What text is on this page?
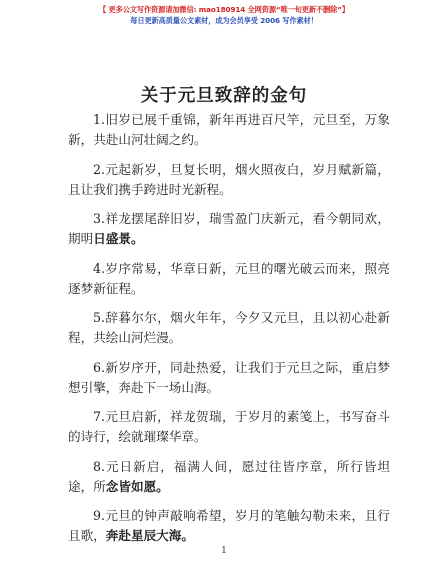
【 更多公文写作资源请加微信: mao180914 全网资源“唯一旬更新不删除”】
每日更新高质量公文素材，成为会员享受 2006 写作素材！
关于元旦致辞的金句

1.旧岁已展千重锦，新年再进百尺竿，元旦至，万象新，共赴山河壮阔之约。

2.元起新岁，旦复长明，烟火照夜白，岁月赋新篇，且让我们携手跨进时光新程。

3.祥龙摆尾辞旧岁，瑞雪盈门庆新元，看今朝同欢，期明日盛景。

4.岁序常易，华章日新，元旦的曙光破云而来，照亮逐梦新征程。

5.辞暮尔尔，烟火年年，今夕又元旦，且以初心赴新程，共绘山河烂漫。

6.新岁序开，同赴热爱，让我们于元旦之际，重启梦想引擎，奔赴下一场山海。

7.元旦启新，祥龙贺瑞，于岁月的素笺上，书写奋斗的诗行，绘就璀璨华章。

8.元日新启，福满人间，愿过往皆序章，所行皆坦途，所念皆如愿。

9.元旦的钟声敲响希望，岁月的笔触勾勒未来，且行且歌，奔赴星辰大海。

1
